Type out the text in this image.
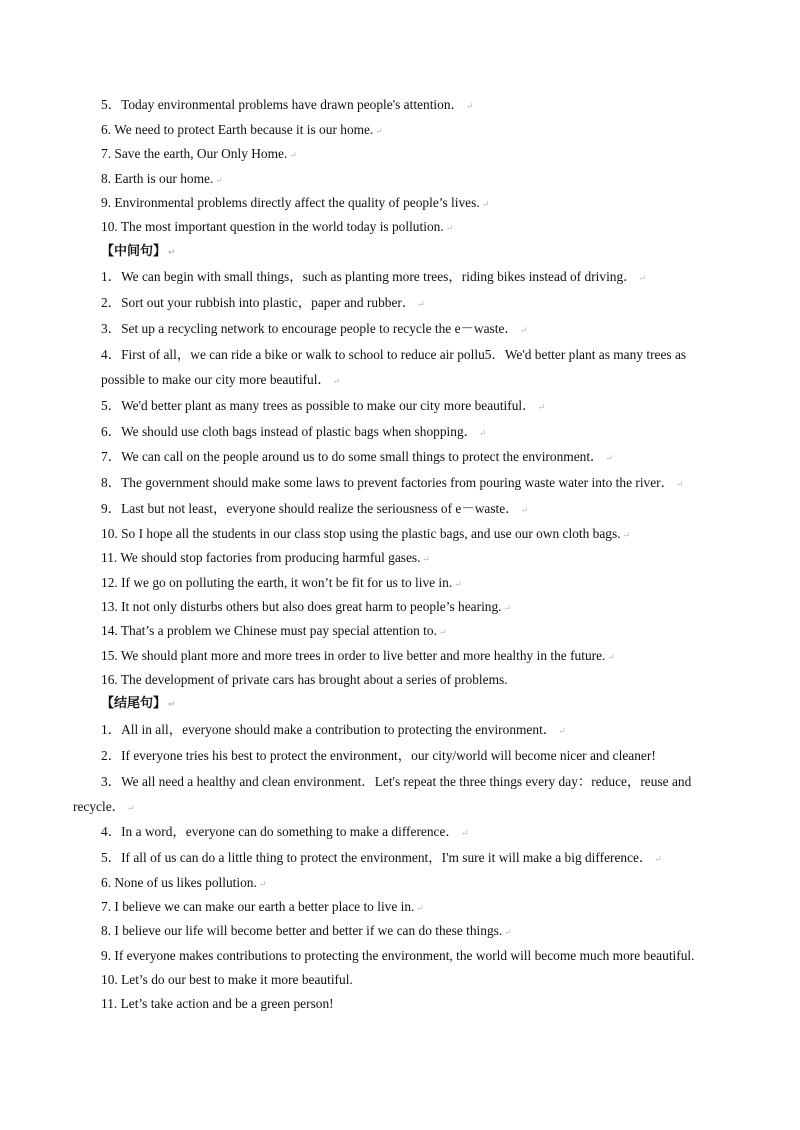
5．Today environmental problems have drawn people's attention． ↵
6. We need to protect Earth because it is our home. ↵
7. Save the earth, Our Only Home. ↵
8. Earth is our home. ↵
9. Environmental problems directly affect the quality of people’s lives. ↵
10. The most important question in the world today is pollution. ↵
【中间句】 ↵
1．We can begin with small things，such as planting more trees，riding bikes instead of driving． ↵
2．Sort out your rubbish into plastic，paper and rubber． ↵
3．Set up a recycling network to encourage people to recycle the e－waste． ↵
4．First of all，we can ride a bike or walk to school to reduce air pollu5．We'd better plant as many trees as
possible to make our city more beautiful． ↵
5．We'd better plant as many trees as possible to make our city more beautiful． ↵
6．We should use cloth bags instead of plastic bags when shopping． ↵
7．We can call on the people around us to do some small things to protect the environment． ↵
8．The government should make some laws to prevent factories from pouring waste water into the river． ↵
9．Last but not least，everyone should realize the seriousness of e－waste． ↵
10. So I hope all the students in our class stop using the plastic bags, and use our own cloth bags. ↵
11. We should stop factories from producing harmful gases. ↵
12. If we go on polluting the earth, it won’t be fit for us to live in. ↵
13. It not only disturbs others but also does great harm to people’s hearing. ↵
14. That’s a problem we Chinese must pay special attention to. ↵
15. We should plant more and more trees in order to live better and more healthy in the future. ↵
16. The development of private cars has brought about a series of problems.
【结尾句】 ↵
1．All in all，everyone should make a contribution to protecting the environment． ↵
2．If everyone tries his best to protect the environment，our city/world will become nicer and cleaner!
3．We all need a healthy and clean environment．Let's repeat the three things every day：reduce，reuse and
recycle． ↵
4．In a word，everyone can do something to make a difference． ↵
5．If all of us can do a little thing to protect the environment，I'm sure it will make a big difference． ↵
6. None of us likes pollution. ↵
7. I believe we can make our earth a better place to live in. ↵
8. I believe our life will become better and better if we can do these things. ↵
9. If everyone makes contributions to protecting the environment, the world will become much more beautiful.
10. Let’s do our best to make it more beautiful.
11. Let’s take action and be a green person!
